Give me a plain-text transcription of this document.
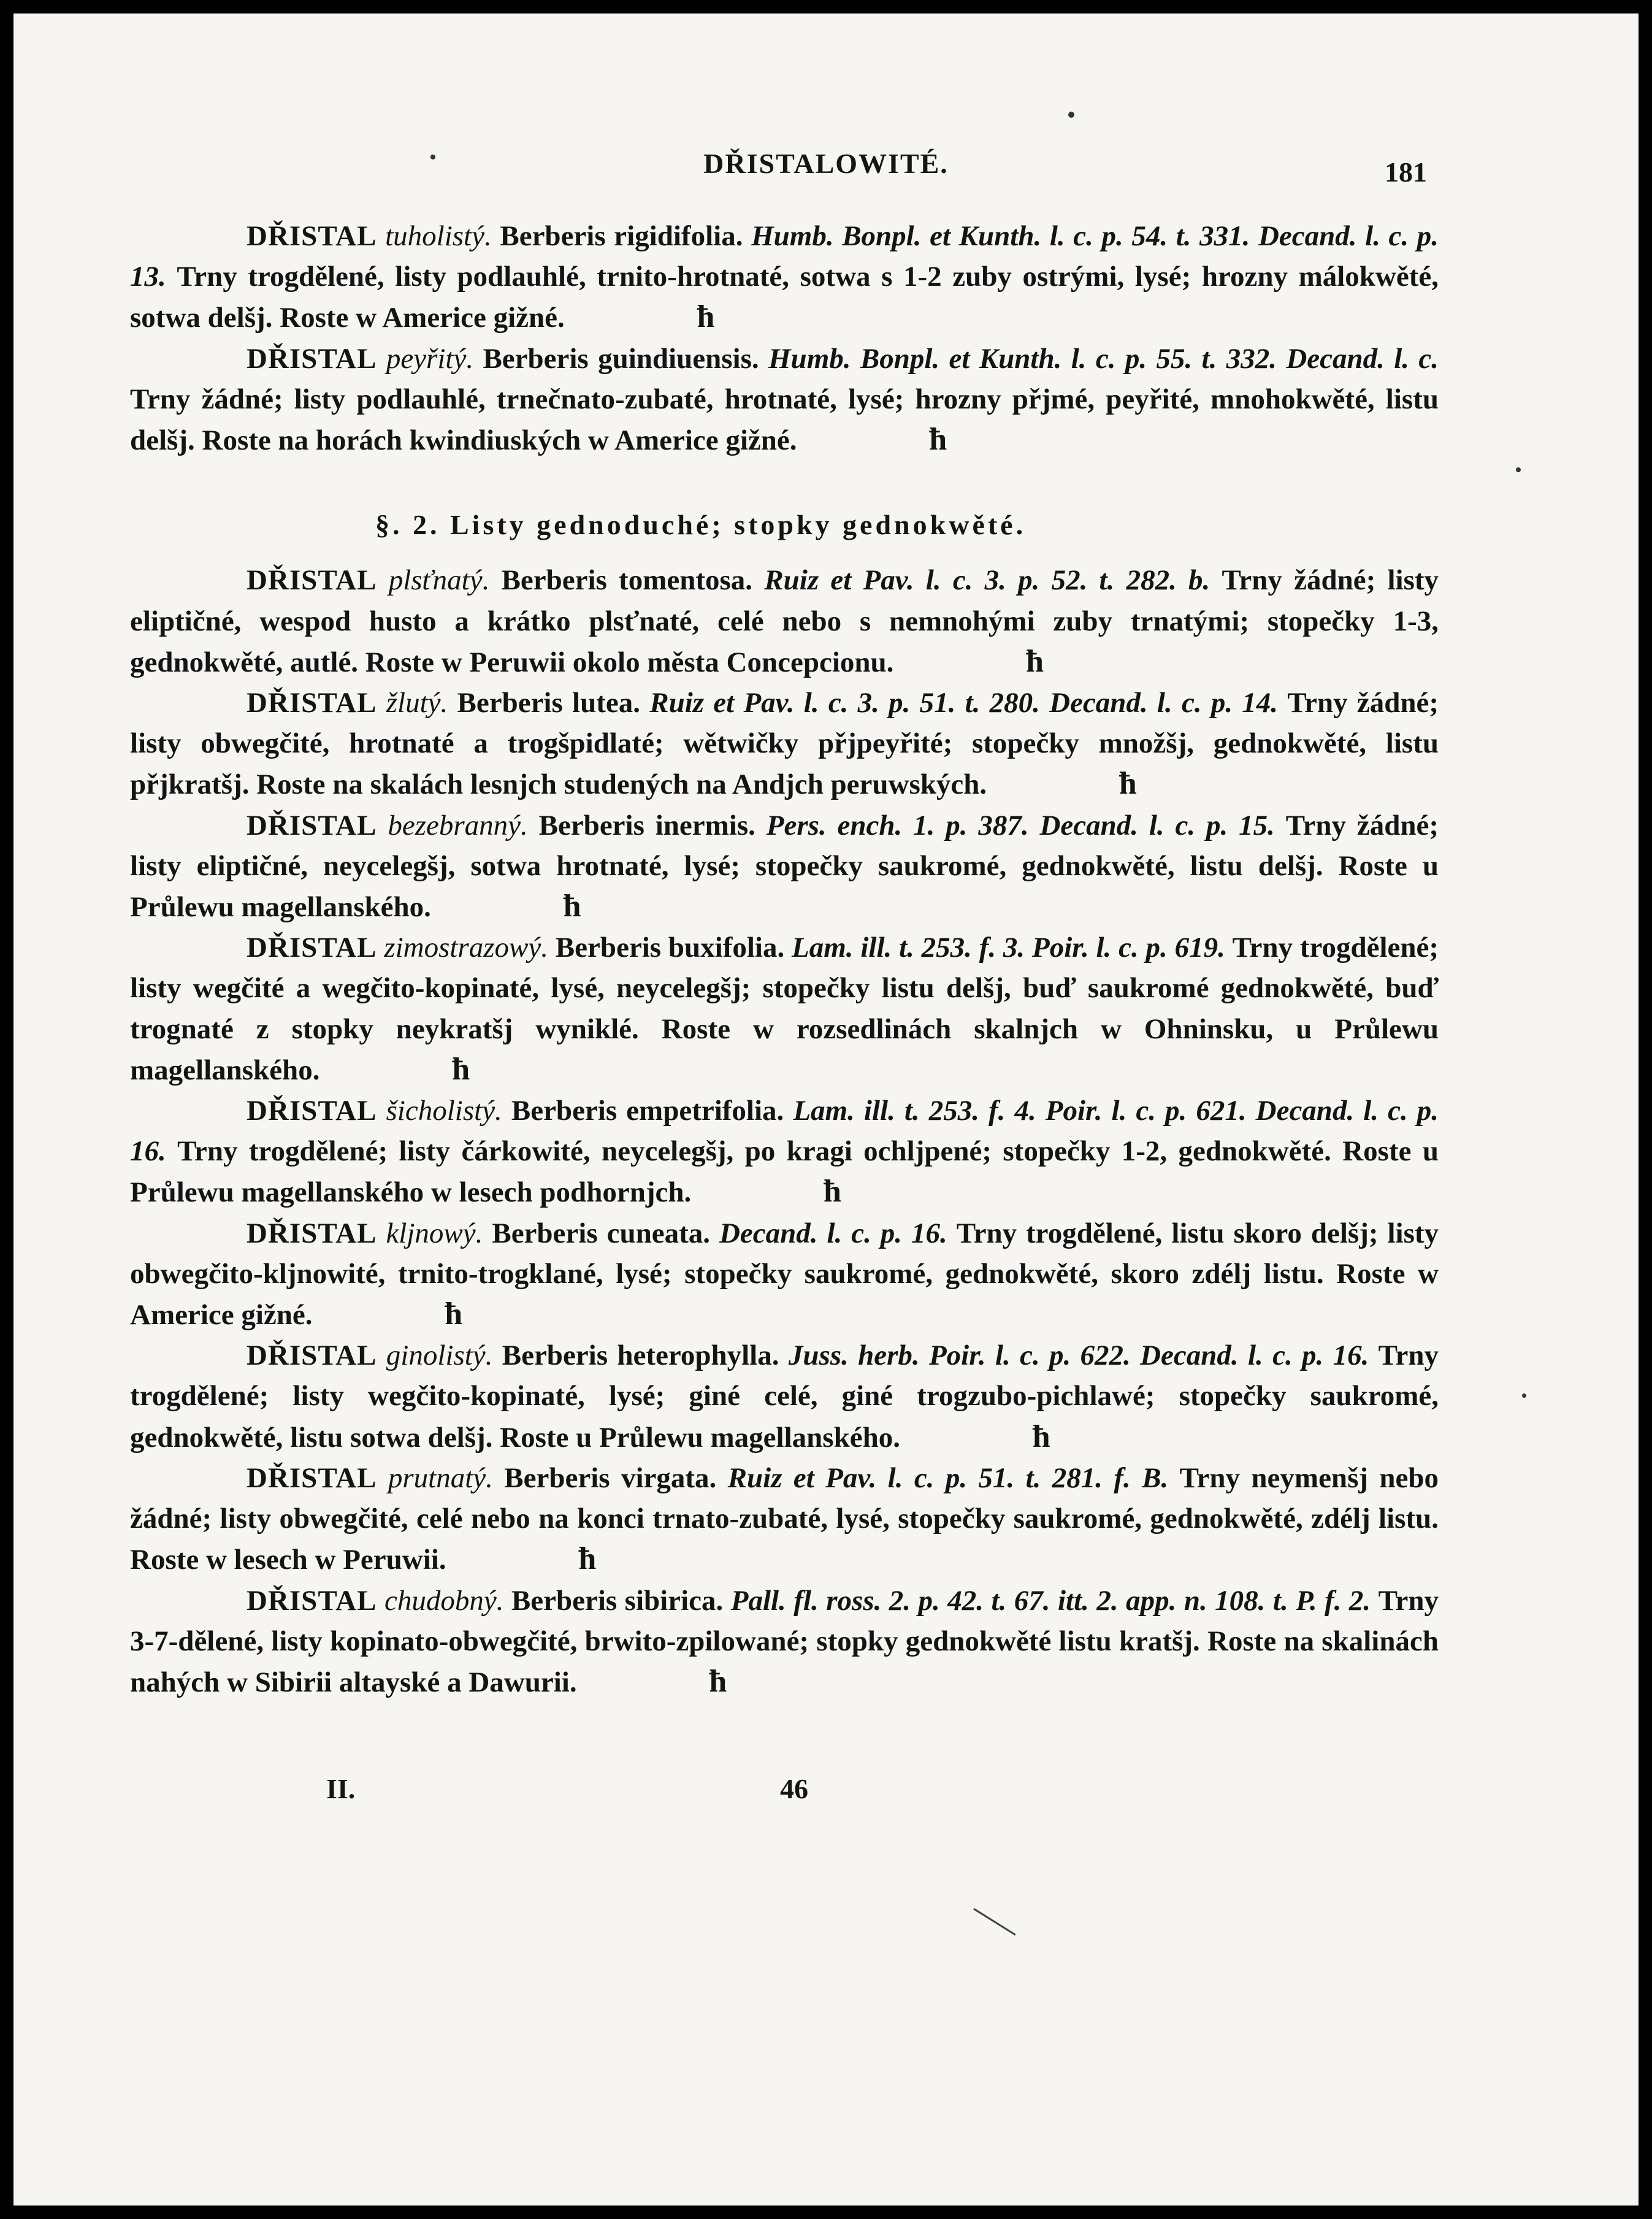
DŘISTALOWITÉ.	181

DŘISTAL tuholistý. Berberis rigidifolia. Humb. Bonpl. et Kunth. l. c. p. 54. t. 331. Decand. l. c. p. 13. Trny trogdělené, listy podlauhlé, trnito-hrotnaté, sotwa s 1-2 zuby ostrými, lysé; hrozny málokwěté, sotwa delšj. Roste w Americe gižné.	ħ

DŘISTAL peyřitý. Berberis guindiuensis. Humb. Bonpl. et Kunth. l. c. p. 55. t. 332. Decand. l. c. Trny žádné; listy podlauhlé, trnečnato-zubaté, hrotnaté, lysé; hrozny přjmé, peyřité, mnohokwěté, listu delšj. Roste na horách kwindiuských w Americe gižné.	ħ

§. 2. Listy gednoduché; stopky gednokwěté.

DŘISTAL plsťnatý. Berberis tomentosa. Ruiz et Pav. l. c. 3. p. 52. t. 282. b. Trny žádné; listy eliptičné, wespod husto a krátko plsťnaté, celé nebo s nemnohými zuby trnatými; stopečky 1-3, gednokwěté, autlé. Roste w Peruwii okolo města Concepcionu.	ħ

DŘISTAL žlutý. Berberis lutea. Ruiz et Pav. l. c. 3. p. 51. t. 280. Decand. l. c. p. 14. Trny žádné; listy obwegčité, hrotnaté a trogšpidlaté; wětwičky přjpeyřité; stopečky množšj, gednokwěté, listu přjkratšj. Roste na skalách lesnjch studených na Andjch peruwských.	ħ

DŘISTAL bezebranný. Berberis inermis. Pers. ench. 1. p. 387. Decand. l. c. p. 15. Trny žádné; listy eliptičné, neycelegšj, sotwa hrotnaté, lysé; stopečky saukromé, gednokwěté, listu delšj. Roste u Průlewu magellanského.	ħ

DŘISTAL zimostrazowý. Berberis buxifolia. Lam. ill. t. 253. f. 3. Poir. l. c. p. 619. Trny trogdělené; listy wegčité a wegčito-kopinaté, lysé, neycelegšj; stopečky listu delšj, buď saukromé gednokwěté, buď trognaté z stopky neykratšj wyniklé. Roste w rozsedlinách skalnjch w Ohninsku, u Průlewu magellanského.	ħ

DŘISTAL šicholistý. Berberis empetrifolia. Lam. ill. t. 253. f. 4. Poir. l. c. p. 621. Decand. l. c. p. 16. Trny trogdělené; listy čárkowité, neycelegšj, po kragi ochljpené; stopečky 1-2, gednokwěté. Roste u Průlewu magellanského w lesech podhornjch.	ħ

DŘISTAL kljnowý. Berberis cuneata. Decand. l. c. p. 16. Trny trogdělené, listu skoro delšj; listy obwegčito-kljnowité, trnito-trogklané, lysé; stopečky saukromé, gednokwěté, skoro zdélj listu. Roste w Americe gižné.	ħ

DŘISTAL ginolistý. Berberis heterophylla. Juss. herb. Poir. l. c. p. 622. Decand. l. c. p. 16. Trny trogdělené; listy wegčito-kopinaté, lysé; giné celé, giné trogzubo-pichlawé; stopečky saukromé, gednokwěté, listu sotwa delšj. Roste u Průlewu magellanského.	ħ

DŘISTAL prutnatý. Berberis virgata. Ruiz et Pav. l. c. p. 51. t. 281. f. B. Trny neymenšj nebo žádné; listy obwegčité, celé nebo na konci trnato-zubaté, lysé, stopečky saukromé, gednokwěté, zdélj listu. Roste w lesech w Peruwii.	ħ

DŘISTAL chudobný. Berberis sibirica. Pall. fl. ross. 2. p. 42. t. 67. itt. 2. app. n. 108. t. P. f. 2. Trny 3-7-dělené, listy kopinato-obwegčité, brwito-zpilowané; stopky gednokwěté listu kratšj. Roste na skalinách nahých w Sibirii altayské a Dawurii.	ħ

II.	46
